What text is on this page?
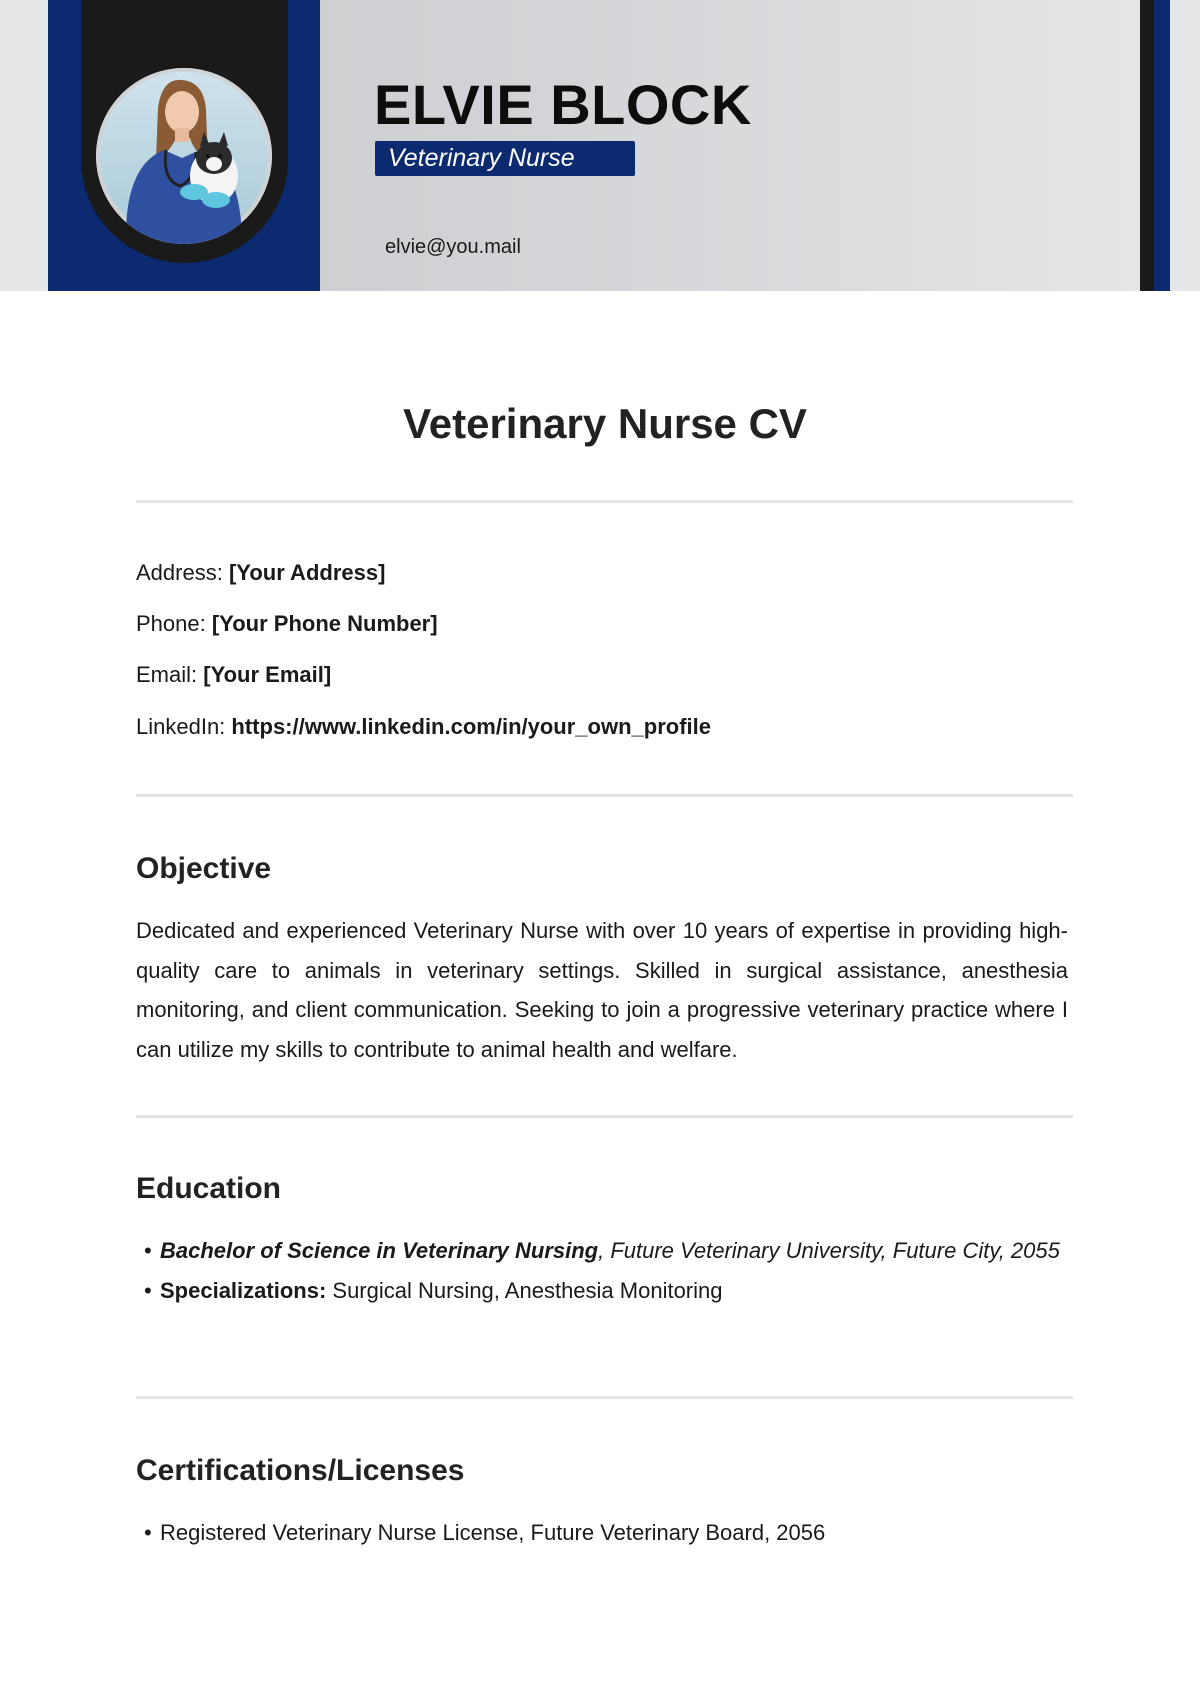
ELVIE BLOCK
Veterinary Nurse
elvie@you.mail
Veterinary Nurse CV
Address: [Your Address]
Phone: [Your Phone Number]
Email: [Your Email]
LinkedIn: https://www.linkedin.com/in/your_own_profile
Objective
Dedicated and experienced Veterinary Nurse with over 10 years of expertise in providing high-quality care to animals in veterinary settings. Skilled in surgical assistance, anesthesia monitoring, and client communication. Seeking to join a progressive veterinary practice where I can utilize my skills to contribute to animal health and welfare.
Education
• Bachelor of Science in Veterinary Nursing, Future Veterinary University, Future City, 2055
• Specializations: Surgical Nursing, Anesthesia Monitoring
Certifications/Licenses
• Registered Veterinary Nurse License, Future Veterinary Board, 2056
